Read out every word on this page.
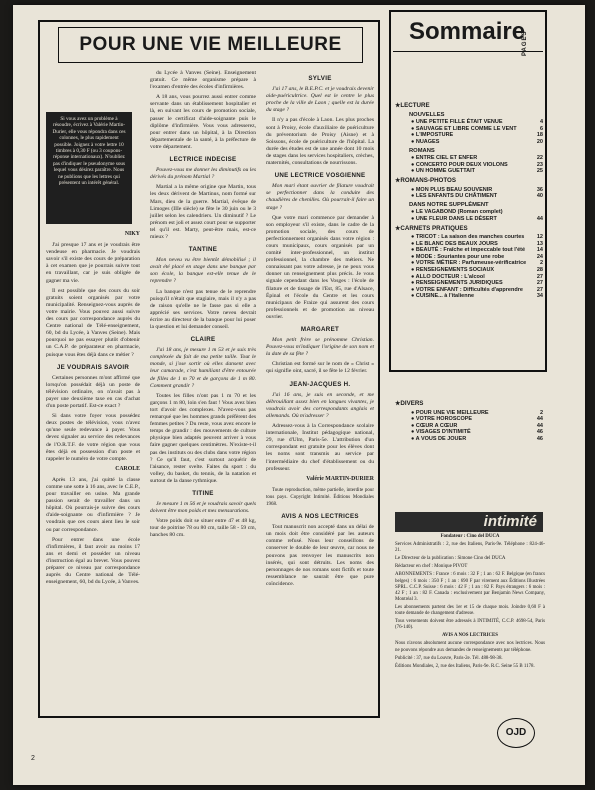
POUR UNE VIE MEILLEURE
Si vous avez un problème à résoudre, écrivez à Valérie Martin-Durier, elle vous répondra dans ces colonnes, le plus rapidement possible. Joignez à votre lettre 10 timbres à 0,30 F (ou 3 coupons-réponse internationaux). N'oubliez pas d'indiquer le pseudonyme sous lequel vous désirez paraître. Nous ne publions que les lettres qui présentent un intérêt général.
NIKY

J'ai presque 17 ans et je voudrais être vendeuse en pharmacie. Je voudrais savoir s'il existe des cours de préparation à cet examen que je pourrais suivre tout en travaillant, car je suis obligée de gagner ma vie.

Il est possible que des cours du soir gratuits soient organisés par votre municipalité. Renseignez-vous auprès de votre mairie. Vous pouvez aussi suivre des cours par correspondance auprès du Centre national de Télé-enseignement, 60, bd du Lycée, à Vanves (Seine). Mais pourquoi ne pas essayer plutôt d'obtenir un C.A.P. de préparateur en pharmacie, puisque vous êtes déjà dans ce métier ?

JE VOUDRAIS SAVOIR

Certaines personnes m'ont affirmé que lorsqu'on possédait déjà un poste de télévision ordinaire, on n'avait pas à payer une deuxième taxe en cas d'achat d'un poste portatif. Est-ce exact ?

Si dans votre foyer vous possédez deux postes de télévision, vous n'avez qu'une seule redevance à payer. Vous devez signaler au service des redevances de l'O.R.T.F. de votre région que vous êtes déjà en possession d'un poste et rappeler le numéro de votre compte.

CAROLE

Après 13 ans, j'ai quitté la classe comme une sotte à 16 ans, avec le C.E.P., pour travailler en usine. Ma grande passion serait de travailler dans un hôpital. Où pourrais-je suivre des cours d'aide-soignante ou d'infirmière ? Je voudrais que ces cours aient lieu le soir ou par correspondance.

Pour entrer dans une école d'infirmières, il faut avoir au moins 17 ans et demi et posséder un niveau d'instruction égal au brevet. Vous pouvez préparer ce niveau par correspondance auprès du Centre national de Télé-enseignement, 60, bd du Lycée, à Vanves.

du Lycée à Vanves (Seine). Enseignement gratuit. Ce même organisme prépare à l'examen d'entrée des écoles d'infirmières.

A 18 ans, vous pourrez aussi entrer comme servante dans un établissement hospitalier et là, en suivant les cours de promotion sociale, passer le certificat d'aide-soignante puis le diplôme d'infirmière. Vous vous adresserez, pour entrer dans un hôpital, à la Direction départementale de la santé, à la préfecture de votre département.

LECTRICE INDECISE

Pouvez-vous me donner les diminutifs ou les dérivés du prénom Martial ?

Martial a la même origine que Martin, tous les deux dérivent de Martinus, nom formé sur Mars, dieu de la guerre. Martial, évêque de Limoges (IIIe siècle) se fête le 30 juin ou le 3 juillet selon les calendriers. Un diminutif ? Le prénom est joli et assez court pour se supporter tel qu'il est. Marty, peut-être mais, est-ce mieux ?

TANTINE

Mon neveu vu être bientôt démobilisé ; il avait été placé en stage dans une banque par son école, la banque est-elle tenue de le reprendre ?

La banque n'est pas tenue de le reprendre puisqu'il n'était que stagiaire, mais il n'y a pas de raison qu'elle ne le fasse pas si elle a apprécié ses services. Votre neveu devrait écrire au directeur de la banque pour lui poser la question et lui demander conseil.

CLAIRE

J'ai 18 ans, je mesure 1 m 53 et je suis très complexée du fait de ma petite taille. Tout le monde, si j'ose sortir où elles dansent avec leur camarade, c'est humiliant d'être entourée de filles de 1 m 70 et de garçons de 1 m 80. Comment grandir ?

Toutes les filles n'ont pas 1 m 70 et les garçons 1 m 80, loin s'en faut ! Vous avez bien tort d'avoir des complexes. N'avez-vous pas remarqué que les hommes grands préfèrent des femmes petites ? Du reste, vous avez encore le temps de grandir : des mouvements de culture physique bien adaptés peuvent arriver à vous faire gagner quelques centimètres. N'existe-t-il pas des instituts ou des clubs dans votre région ? Ce qu'il faut, c'est surtout acquérir de l'aisance, rester svelte. Faites du sport : du volley, du basket, du tennis, de la natation et surtout de la danse rythmique.

TITINE

Je mesure 1 m 56 et je voudrais savoir quels doivent être mon poids et mes mensurations.

Votre poids doit se situer entre 47 et 48 kg, tour de poitrine 78 ou 80 cm, taille 58 - 59 cm, hanches 80 cm.

SYLVIE

J'ai 17 ans, le B.E.P.C. et je voudrais devenir aide-puéricultrice. Quel est le centre le plus proche de la ville de Laon ; quelle est la durée du stage ?

Il n'y a pas d'école à Laon. Les plus proches sont à Proisy, école d'auxiliaire de puériculture du préventorium de Proisy (Aisne) et à Soissons, école de puériculture de l'hôpital. La durée des études est de une année dont 10 mois de stages dans les services hospitaliers, crèches, maternités, consultations de nourrissons.

UNE LECTRICE VOSGIENNE

Mon mari étant ouvrier de filature voudrait se perfectionner dans la conduite des chaudières de chenilles. Où pourrait-il faire un stage ?

Que votre mari commence par demander à son employeur s'il existe, dans le cadre de la promotion sociale, des cours de perfectionnement organisés dans votre région : cours municipaux, cours organisés par un comité inter-professionnel, un institut professionnel, la chambre des métiers. Ne connaissant pas votre adresse, je ne peux vous donner un renseignement plus précis. Je vous signale cependant dans les Vosges : l'école de filature et de tissage de l'Est, 85, rue d'Alsace, Épinal et l'école du Centre et les cours municipaux de Fraize qui assurent des cours professionnels et de promotion au niveau ouvrier.

MARGARET

Mon petit frère se prénomme Christian. Pouvez-vous m'indiquer l'origine de son nom et la date de sa fête ?

Christian est formé sur le nom de « Christ » qui signifie oint, sacré, il se fête le 12 février.

JEAN-JACQUES H.

J'ai 16 ans, je suis en seconde, et me débrouillant assez bien en langues vivantes, je voudrais avoir des correspondants anglais et allemands. Où m'adresser ?

Adressez-vous à la Correspondance scolaire internationale, Institut pédagogique national, 29, rue d'Ulm, Paris-5e. L'attribution d'un correspondant est gratuite pour les élèves dont les noms sont transmis au service par l'intermédiaire du chef d'établissement ou du professeur.

Valérie MARTIN-DURIER

Toute reproduction, même partielle, interdite pour tous pays. Copyright Intimité. Éditions Mondiales 1968.

AVIS A NOS LECTRICES

Tout manuscrit non accepté dans un délai de un mois doit être considéré par les auteurs comme refusé. Nous leur conseillons de conserver le double de leur œuvre, car nous ne pouvons pas renvoyer les manuscrits non insérés, qui sont détruits. Les noms des personnages de nos romans sont fictifs et toute ressemblance ne saurait être que pure coïncidence.

Sommaire
PAGES
★ LECTURE
NOUVELLES
● UNE PETITE FILLE ÉTAIT VENUE	4
● SAUVAGE ET LIBRE COMME LE VENT	6
● L'IMPOSTURE	18
● NUAGES	20
ROMANS
● ENTRE CIEL ET ENFER	22
● CONCERTO POUR DEUX VIOLONS	23
● UN HOMME GUETTAIT	25
★ ROMANS-PHOTOS
● MON PLUS BEAU SOUVENIR	36
● LES ENFANTS DU CHÂTIMENT	40
DANS NOTRE SUPPLÉMENT
● LE VAGABOND (Roman complet)
● UNE FLEUR DANS LE DÉSERT	44
★ CARNETS PRATIQUES
● TRICOT : La saison des manches courtes	12
● LE BLANC DES BEAUX JOURS	13
● BEAUTÉ : Fraîche et impeccable tout l'été	14
● MODE : Souriantes pour une robe	24
● VOTRE MÉTIER : Parfumeuse-vérificatrice	2
● RENSEIGNEMENTS SOCIAUX	28
● ALLO DOCTEUR : L'alcool	27
● RENSEIGNEMENTS JURIDIQUES	27
● VOTRE ENFANT : Difficultés d'apprendre	27
● CUISINE... à l'italienne	34
★ DIVERS
● POUR UNE VIE MEILLEURE	2
● VOTRE HOROSCOPE	44
● CŒUR A CŒUR	44
● VISAGES D'INTIMITÉ	46
● A VOUS DE JOUER	46
intimité

Fondateur : Cino del DUCA

Services Administratifs : 2, rue des Italiens, Paris-9e. Téléphone : 824-46-21.

Le Directeur de la publication : Simone Cino del DUCA

Rédacteur en chef : Monique PIVOT

ABONNEMENTS : France : 6 mois : 32 F ; 1 an : 62 F. Belgique (en francs belges) : 6 mois : 350 F ; 1 an : 690 F par virement aux Éditions Illustrées SPRL. C.C.P. Suisse : 6 mois : 42 F ; 1 an : 82 F. Pays étrangers : 6 mois : 42 F ; 1 an : 82 F. Canada : exclusivement par Benjamin News Company, Montréal 3.

Les abonnements partent des 1er et 15 de chaque mois. Joindre 0,60 F à toute demande de changement d'adresse.

Tous versements doivent être adressés à INTIMITÉ, C.C.P. 4698-54, Paris (76-140).

AVIS A NOS LECTRICES

Nous n'avons absolument aucune correspondance avec nos lectrices. Nous ne pouvons répondre aux demandes de renseignements par téléphone.

Publicité : 37, rue du Louvre, Paris-2e. Tél. 488-98-38.

Éditions Mondiales, 2, rue des Italiens, Paris-9e. R.C. Seine 55 B 1178.

OJD
2
